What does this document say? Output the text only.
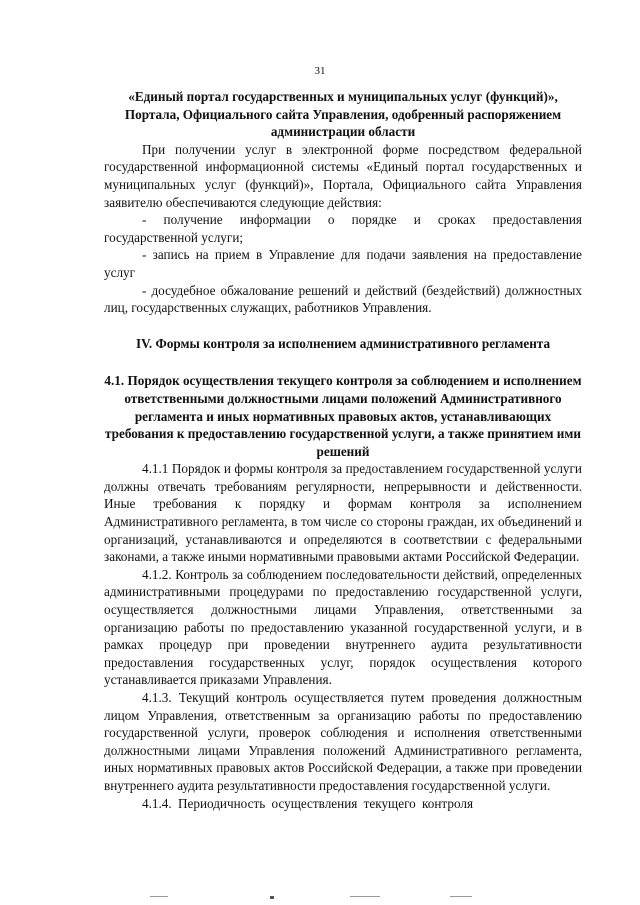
31

«Единый портал государственных и муниципальных услуг (функций)», Портала, Официального сайта Управления, одобренный распоряжением администрации области

При получении услуг в электронной форме посредством федеральной государственной информационной системы «Единый портал государственных и муниципальных услуг (функций)», Портала, Официального сайта Управления заявителю обеспечиваются следующие действия:

- получение информации о порядке и сроках предоставления государственной услуги;

- запись на прием в Управление для подачи заявления на предоставление услуг

- досудебное обжалование решений и действий (бездействий) должностных лиц, государственных служащих, работников Управления.

IV. Формы контроля за исполнением административного регламента

4.1. Порядок осуществления текущего контроля за соблюдением и исполнением ответственными должностными лицами положений Административного регламента и иных нормативных правовых актов, устанавливающих требования к предоставлению государственной услуги, а также принятием ими решений

4.1.1 Порядок и формы контроля за предоставлением государственной услуги должны отвечать требованиям регулярности, непрерывности и действенности. Иные требования к порядку и формам контроля за исполнением Административного регламента, в том числе со стороны граждан, их объединений и организаций, устанавливаются и определяются в соответствии с федеральными законами, а также иными нормативными правовыми актами Российской Федерации.

4.1.2. Контроль за соблюдением последовательности действий, определенных административными процедурами по предоставлению государственной услуги, осуществляется должностными лицами Управления, ответственными за организацию работы по предоставлению указанной государственной услуги, и в рамках процедур при проведении внутреннего аудита результативности предоставления государственных услуг, порядок осуществления которого устанавливается приказами Управления.

4.1.3. Текущий контроль осуществляется путем проведения должностным лицом Управления, ответственным за организацию работы по предоставлению государственной услуги, проверок соблюдения и исполнения ответственными должностными лицами Управления положений Административного регламента, иных нормативных правовых актов Российской Федерации, а также при проведении внутреннего аудита результативности предоставления государственной услуги.

4.1.4. Периодичность осуществления текущего контроля
